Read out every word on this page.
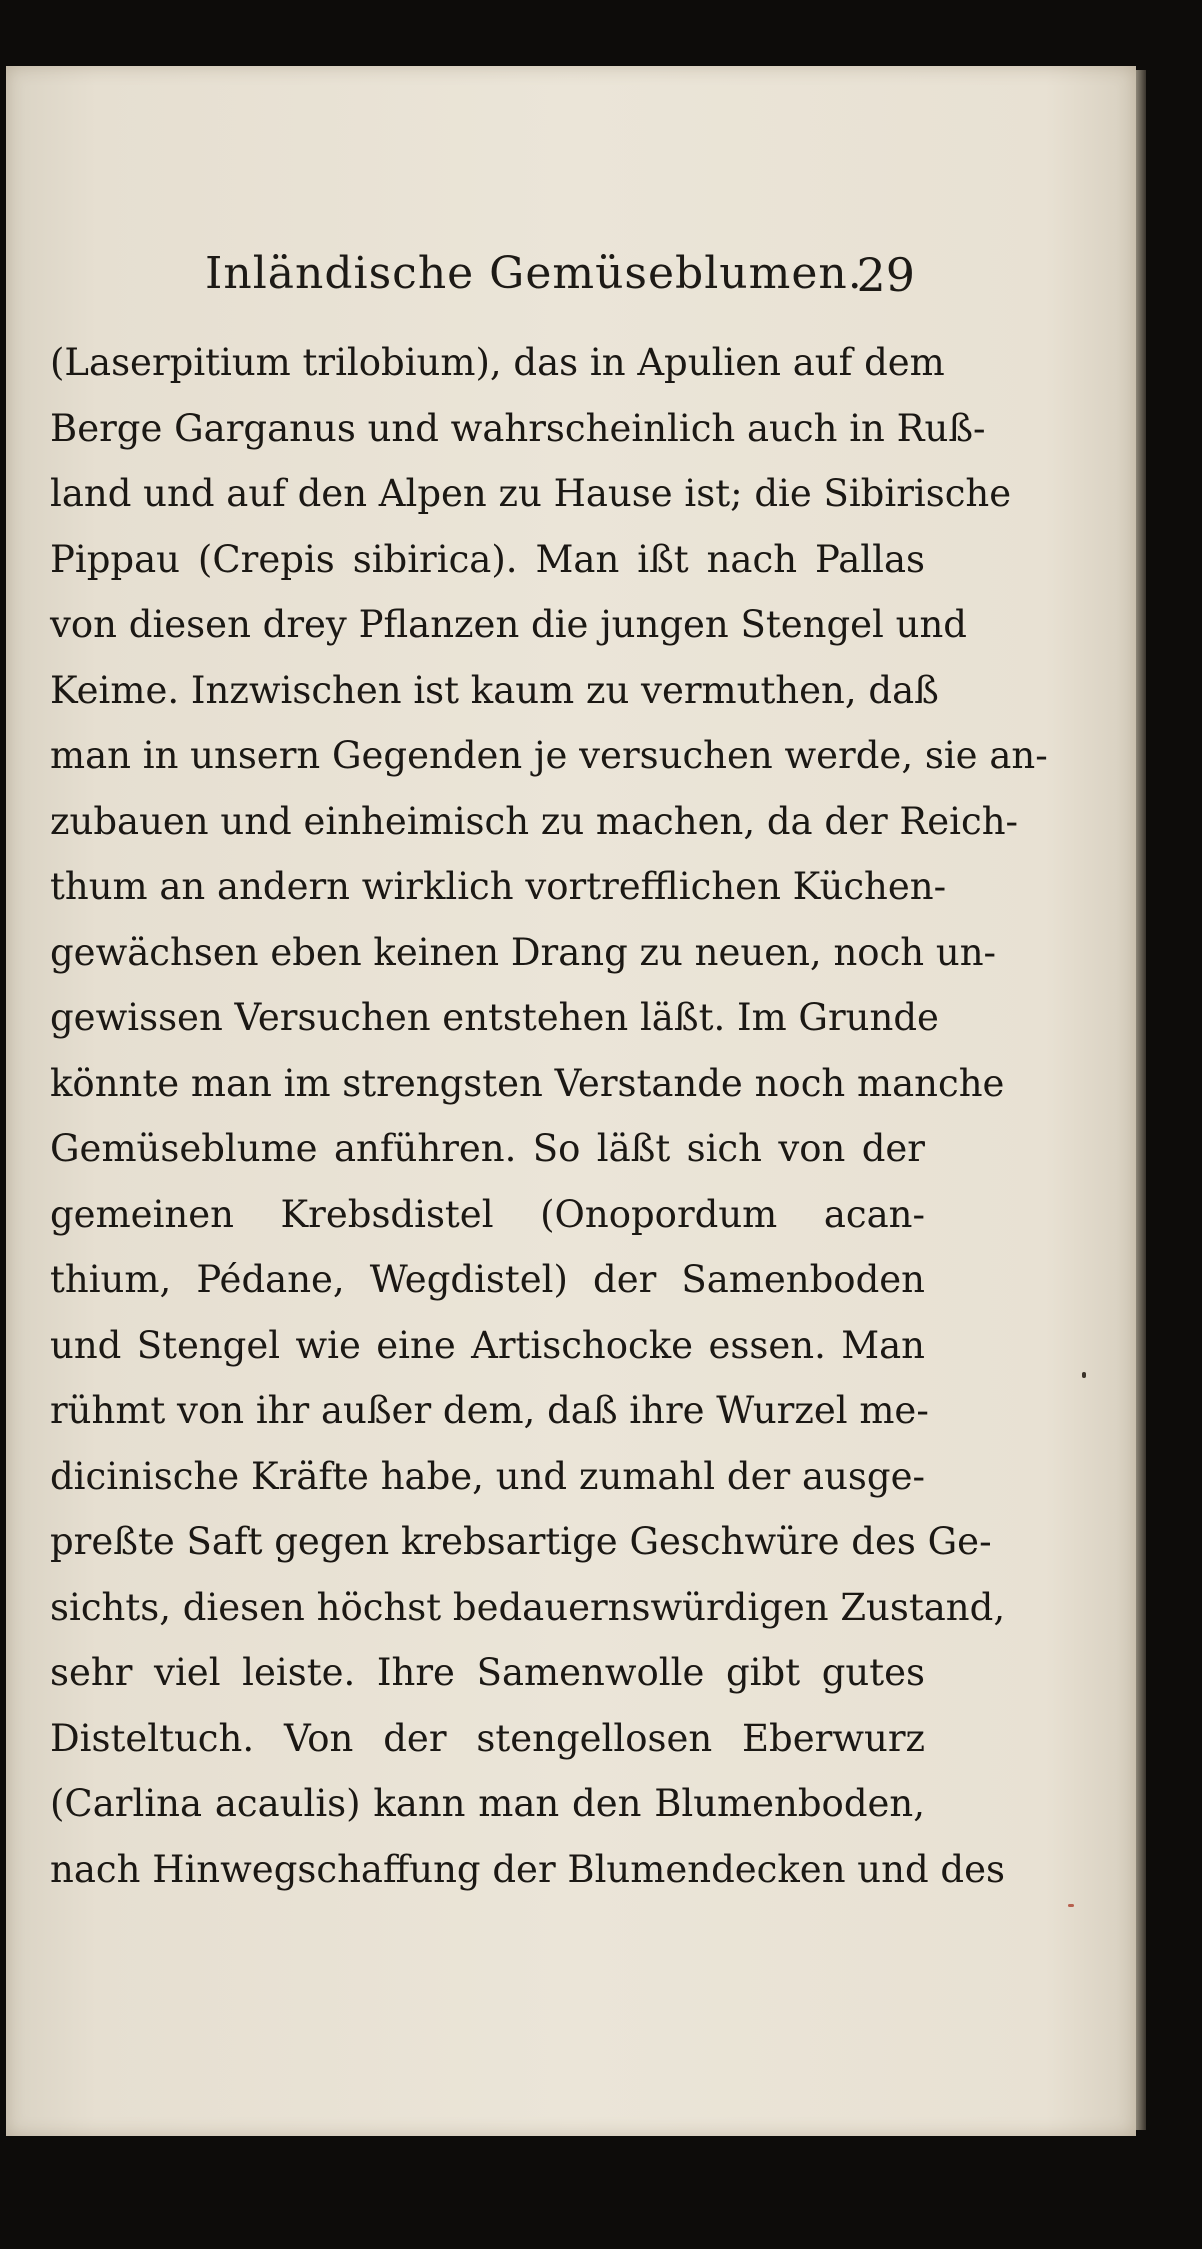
Inländische Gemüseblumen.
29
(Laserpitium trilobium), das in Apulien auf dem
Berge Garganus und wahrscheinlich auch in Ruß-
land und auf den Alpen zu Hause ist; die Sibirische
Pippau (Crepis sibirica). Man ißt nach Pallas
von diesen drey Pflanzen die jungen Stengel und
Keime. Inzwischen ist kaum zu vermuthen, daß
man in unsern Gegenden je versuchen werde, sie an-
zubauen und einheimisch zu machen, da der Reich-
thum an andern wirklich vortrefflichen Küchen-
gewächsen eben keinen Drang zu neuen, noch un-
gewissen Versuchen entstehen läßt. Im Grunde
könnte man im strengsten Verstande noch manche
Gemüseblume anführen. So läßt sich von der
gemeinen Krebsdistel (Onopordum acan-
thium, Pédane, Wegdistel) der Samenboden
und Stengel wie eine Artischocke essen. Man
rühmt von ihr außer dem, daß ihre Wurzel me-
dicinische Kräfte habe, und zumahl der ausge-
preßte Saft gegen krebsartige Geschwüre des Ge-
sichts, diesen höchst bedauernswürdigen Zustand,
sehr viel leiste. Ihre Samenwolle gibt gutes
Disteltuch. Von der stengellosen Eberwurz
(Carlina acaulis) kann man den Blumenboden,
nach Hinwegschaffung der Blumendecken und des
